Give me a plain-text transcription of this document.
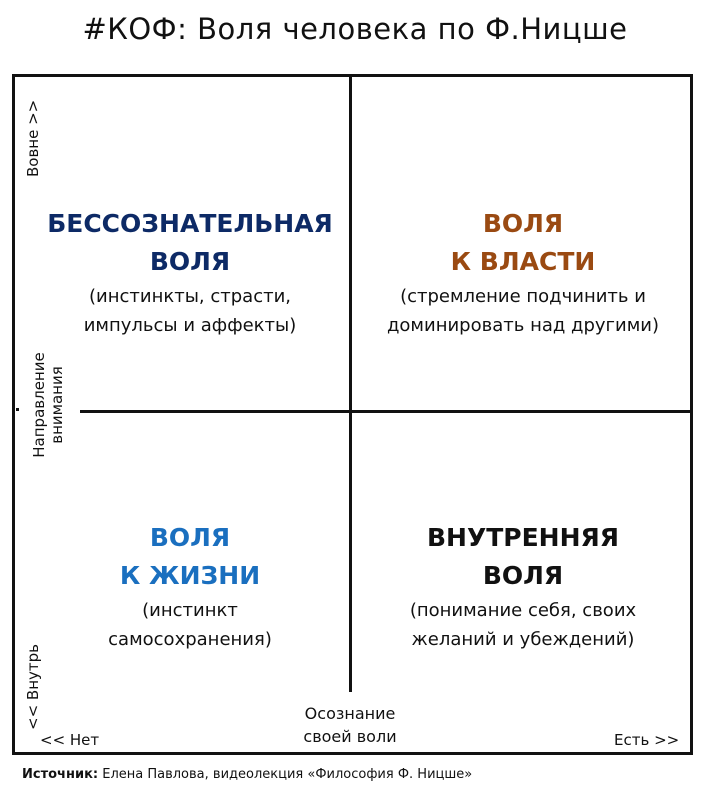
#КОФ: Воля человека по Ф.Ницше
БЕССОЗНАТЕЛЬНАЯ
ВОЛЯ
(инстинкты, страсти,
импульсы и аффекты)
ВОЛЯ
К ВЛАСТИ
(стремление подчинить и
доминировать над другими)
ВОЛЯ
К ЖИЗНИ
(инстинкт
самосохранения)
ВНУТРЕННЯЯ
ВОЛЯ
(понимание себя, своих
желаний и убеждений)
Вовне >>
Направление
внимания
<< Внутрь
<< Нет
Осознание
своей воли	Есть >>
Источник: Елена Павлова, видеолекция «Философия Ф. Ницше»
